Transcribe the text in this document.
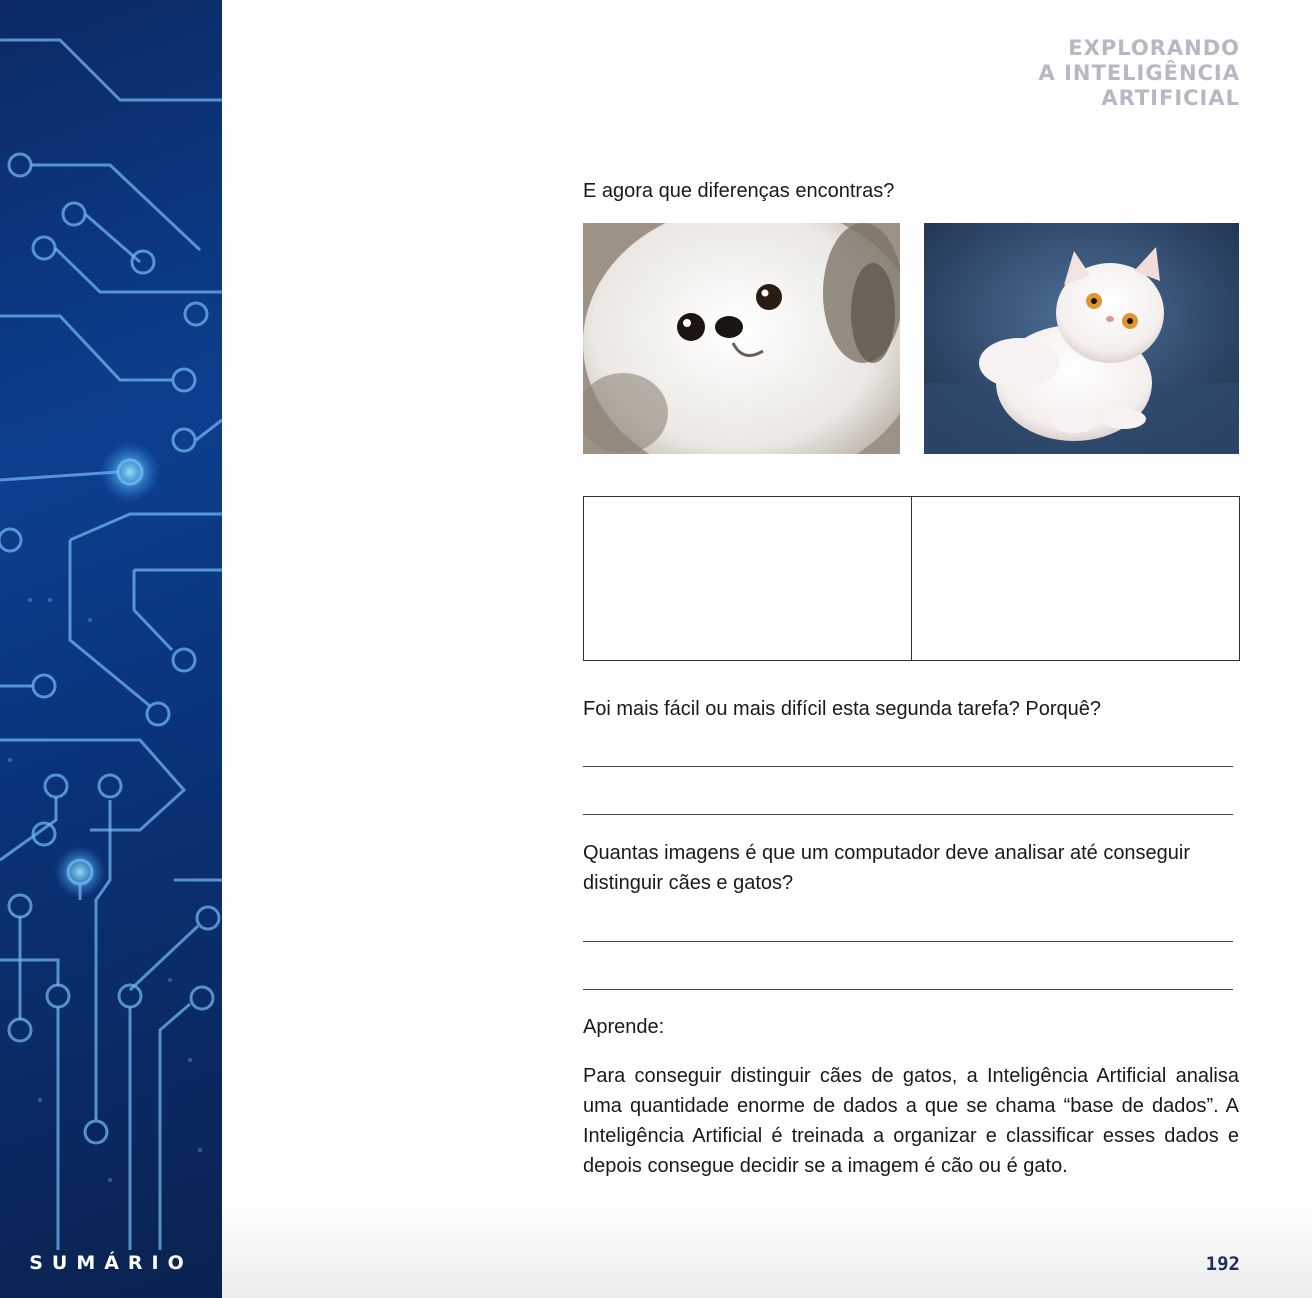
SUMÁRIO
EXPLORANDO
A INTELIGÊNCIA
ARTIFICIAL
E agora que diferenças encontras?
Foi mais fácil ou mais difícil esta segunda tarefa? Porquê?
Quantas imagens é que um computador deve analisar até conseguir distinguir cães e gatos?
Aprende:
Para conseguir distinguir cães de gatos, a Inteligência Artificial analisa uma quantidade enorme de dados a que se chama “base de dados”. A Inteligência Artificial é treinada a organizar e classificar esses dados e depois consegue decidir se a imagem é cão ou é gato.
192
